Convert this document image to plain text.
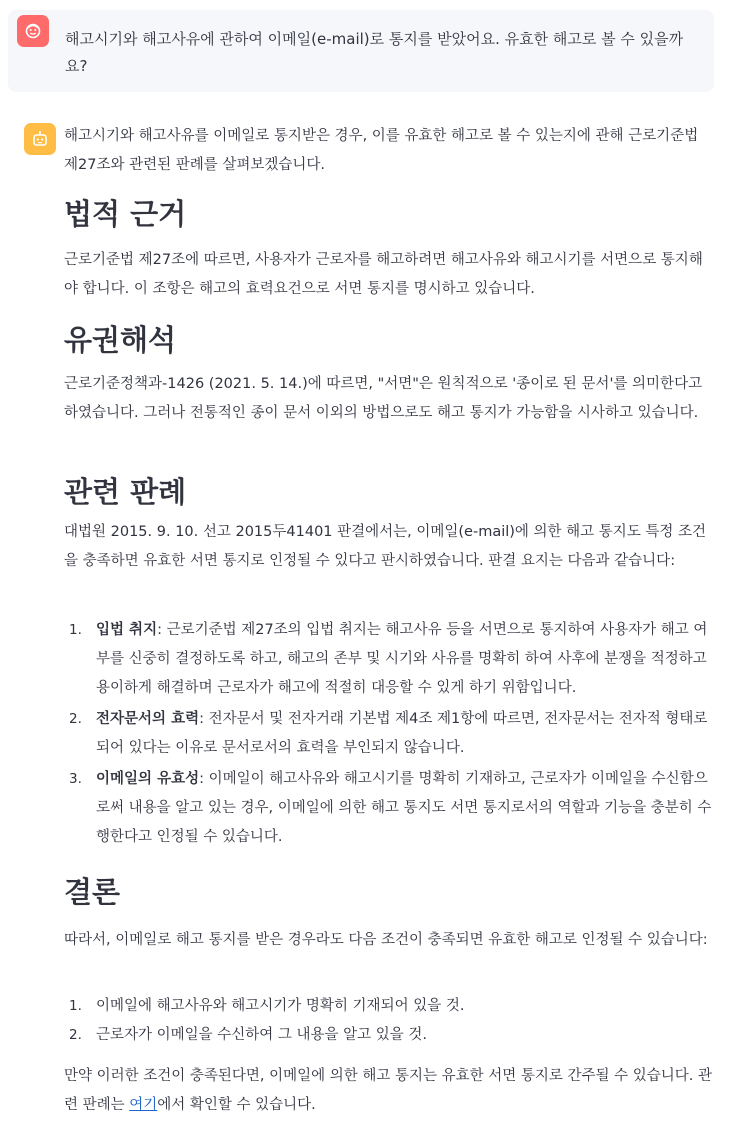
해고시기와 해고사유에 관하여 이메일(e-mail)로 통지를 받았어요. 유효한 해고로 볼 수 있을까요?
해고시기와 해고사유를 이메일로 통지받은 경우, 이를 유효한 해고로 볼 수 있는지에 관해 근로기준법 제27조와 관련된 판례를 살펴보겠습니다.
법적 근거
근로기준법 제27조에 따르면, 사용자가 근로자를 해고하려면 해고사유와 해고시기를 서면으로 통지해야 합니다. 이 조항은 해고의 효력요건으로 서면 통지를 명시하고 있습니다.
유권해석
근로기준정책과-1426 (2021. 5. 14.)에 따르면, "서면"은 원칙적으로 '종이로 된 문서'를 의미한다고 하였습니다. 그러나 전통적인 종이 문서 이외의 방법으로도 해고 통지가 가능함을 시사하고 있습니다.
관련 판례
대법원 2015. 9. 10. 선고 2015두41401 판결에서는, 이메일(e-mail)에 의한 해고 통지도 특정 조건을 충족하면 유효한 서면 통지로 인정될 수 있다고 판시하였습니다. 판결 요지는 다음과 같습니다:
1. 입법 취지: 근로기준법 제27조의 입법 취지는 해고사유 등을 서면으로 통지하여 사용자가 해고 여부를 신중히 결정하도록 하고, 해고의 존부 및 시기와 사유를 명확히 하여 사후에 분쟁을 적정하고 용이하게 해결하며 근로자가 해고에 적절히 대응할 수 있게 하기 위함입니다.
2. 전자문서의 효력: 전자문서 및 전자거래 기본법 제4조 제1항에 따르면, 전자문서는 전자적 형태로 되어 있다는 이유로 문서로서의 효력을 부인되지 않습니다.
3. 이메일의 유효성: 이메일이 해고사유와 해고시기를 명확히 기재하고, 근로자가 이메일을 수신함으로써 내용을 알고 있는 경우, 이메일에 의한 해고 통지도 서면 통지로서의 역할과 기능을 충분히 수행한다고 인정될 수 있습니다.
결론
따라서, 이메일로 해고 통지를 받은 경우라도 다음 조건이 충족되면 유효한 해고로 인정될 수 있습니다:
1. 이메일에 해고사유와 해고시기가 명확히 기재되어 있을 것.
2. 근로자가 이메일을 수신하여 그 내용을 알고 있을 것.
만약 이러한 조건이 충족된다면, 이메일에 의한 해고 통지는 유효한 서면 통지로 간주될 수 있습니다. 관련 판례는 여기에서 확인할 수 있습니다.
